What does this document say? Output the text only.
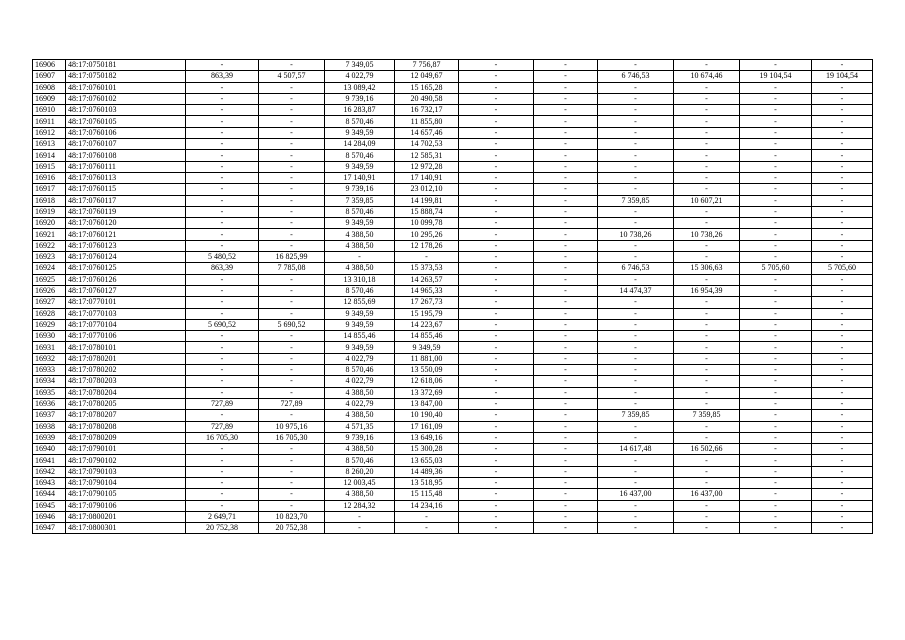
16906	48:17:0750181	-	-	7 349,05	7 756,87	-	-	-	-	-	-
16907	48:17:0750182	863,39	4 507,57	4 022,79	12 049,67	-	-	6 746,53	10 674,46	19 104,54	19 104,54
16908	48:17:0760101	-	-	13 089,42	15 165,28	-	-	-	-	-	-
16909	48:17:0760102	-	-	9 739,16	20 490,58	-	-	-	-	-	-
16910	48:17:0760103	-	-	16 283,87	16 732,17	-	-	-	-	-	-
16911	48:17:0760105	-	-	8 570,46	11 855,80	-	-	-	-	-	-
16912	48:17:0760106	-	-	9 349,59	14 657,46	-	-	-	-	-	-
16913	48:17:0760107	-	-	14 284,09	14 702,53	-	-	-	-	-	-
16914	48:17:0760108	-	-	8 570,46	12 585,31	-	-	-	-	-	-
16915	48:17:0760111	-	-	9 349,59	12 972,28	-	-	-	-	-	-
16916	48:17:0760113	-	-	17 140,91	17 140,91	-	-	-	-	-	-
16917	48:17:0760115	-	-	9 739,16	23 012,10	-	-	-	-	-	-
16918	48:17:0760117	-	-	7 359,85	14 199,81	-	-	7 359,85	10 607,21	-	-
16919	48:17:0760119	-	-	8 570,46	15 888,74	-	-	-	-	-	-
16920	48:17:0760120	-	-	9 349,59	10 099,78	-	-	-	-	-	-
16921	48:17:0760121	-	-	4 388,50	10 295,26	-	-	10 738,26	10 738,26	-	-
16922	48:17:0760123	-	-	4 388,50	12 178,26	-	-	-	-	-	-
16923	48:17:0760124	5 480,52	16 825,99	-	-	-	-	-	-	-	-
16924	48:17:0760125	863,39	7 785,08	4 388,50	15 373,53	-	-	6 746,53	15 306,63	5 705,60	5 705,60
16925	48:17:0760126	-	-	13 310,18	14 263,57	-	-	-	-	-	-
16926	48:17:0760127	-	-	8 570,46	14 965,33	-	-	14 474,37	16 954,39	-	-
16927	48:17:0770101	-	-	12 855,69	17 267,73	-	-	-	-	-	-
16928	48:17:0770103	-	-	9 349,59	15 195,79	-	-	-	-	-	-
16929	48:17:0770104	5 690,52	5 690,52	9 349,59	14 223,67	-	-	-	-	-	-
16930	48:17:0770106	-	-	14 855,46	14 855,46	-	-	-	-	-	-
16931	48:17:0780101	-	-	9 349,59	9 349,59	-	-	-	-	-	-
16932	48:17:0780201	-	-	4 022,79	11 881,00	-	-	-	-	-	-
16933	48:17:0780202	-	-	8 570,46	13 550,09	-	-	-	-	-	-
16934	48:17:0780203	-	-	4 022,79	12 618,06	-	-	-	-	-	-
16935	48:17:0780204	-	-	4 388,50	13 372,69	-	-	-	-	-	-
16936	48:17:0780205	727,89	727,89	4 022,79	13 847,00	-	-	-	-	-	-
16937	48:17:0780207	-	-	4 388,50	10 190,40	-	-	7 359,85	7 359,85	-	-
16938	48:17:0780208	727,89	10 975,16	4 571,35	17 161,09	-	-	-	-	-	-
16939	48:17:0780209	16 705,30	16 705,30	9 739,16	13 649,16	-	-	-	-	-	-
16940	48:17:0790101	-	-	4 388,50	15 300,28	-	-	14 617,48	16 502,66	-	-
16941	48:17:0790102	-	-	8 570,46	13 655,03	-	-	-	-	-	-
16942	48:17:0790103	-	-	8 260,20	14 489,36	-	-	-	-	-	-
16943	48:17:0790104	-	-	12 003,45	13 518,95	-	-	-	-	-	-
16944	48:17:0790105	-	-	4 388,50	15 115,48	-	-	16 437,00	16 437,00	-	-
16945	48:17:0790106	-	-	12 284,32	14 234,16	-	-	-	-	-	-
16946	48:17:0800201	2 649,71	10 823,70	-	-	-	-	-	-	-	-
16947	48:17:0800301	20 752,38	20 752,38	-	-	-	-	-	-	-	-
